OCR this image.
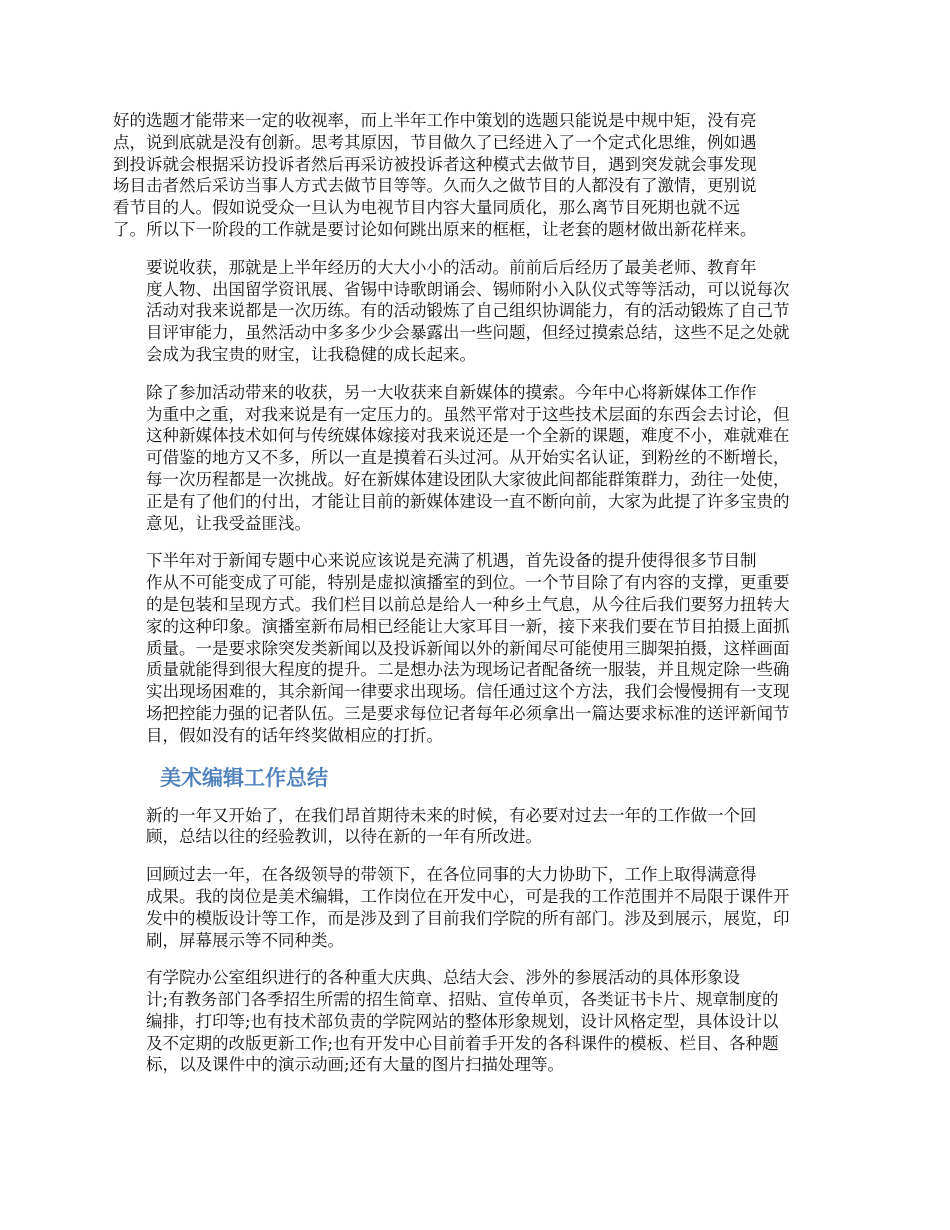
好的选题才能带来一定的收视率，而上半年工作中策划的选题只能说是中规中矩，没有亮
点，说到底就是没有创新。思考其原因，节目做久了已经进入了一个定式化思维，例如遇
到投诉就会根据采访投诉者然后再采访被投诉者这种模式去做节目，遇到突发就会事发现
场目击者然后采访当事人方式去做节目等等。久而久之做节目的人都没有了激情，更别说
看节目的人。假如说受众一旦认为电视节目内容大量同质化，那么离节目死期也就不远
了。所以下一阶段的工作就是要讨论如何跳出原来的框框，让老套的题材做出新花样来。

要说收获，那就是上半年经历的大大小小的活动。前前后后经历了最美老师、教育年
度人物、出国留学资讯展、省锡中诗歌朗诵会、锡师附小入队仪式等等活动，可以说每次
活动对我来说都是一次历练。有的活动锻炼了自己组织协调能力，有的活动锻炼了自己节
目评审能力，虽然活动中多多少少会暴露出一些问题，但经过摸索总结，这些不足之处就
会成为我宝贵的财宝，让我稳健的成长起来。

除了参加活动带来的收获，另一大收获来自新媒体的摸索。今年中心将新媒体工作作
为重中之重，对我来说是有一定压力的。虽然平常对于这些技术层面的东西会去讨论，但
这种新媒体技术如何与传统媒体嫁接对我来说还是一个全新的课题，难度不小，难就难在
可借鉴的地方又不多，所以一直是摸着石头过河。从开始实名认证，到粉丝的不断增长，
每一次历程都是一次挑战。好在新媒体建设团队大家彼此间都能群策群力，劲往一处使，
正是有了他们的付出，才能让目前的新媒体建设一直不断向前，大家为此提了许多宝贵的
意见，让我受益匪浅。

下半年对于新闻专题中心来说应该说是充满了机遇，首先设备的提升使得很多节目制
作从不可能变成了可能，特别是虚拟演播室的到位。一个节目除了有内容的支撑，更重要
的是包装和呈现方式。我们栏目以前总是给人一种乡土气息，从今往后我们要努力扭转大
家的这种印象。演播室新布局相已经能让大家耳目一新，接下来我们要在节目拍摄上面抓
质量。一是要求除突发类新闻以及投诉新闻以外的新闻尽可能使用三脚架拍摄，这样画面
质量就能得到很大程度的提升。二是想办法为现场记者配备统一服装，并且规定除一些确
实出现场困难的，其余新闻一律要求出现场。信任通过这个方法，我们会慢慢拥有一支现
场把控能力强的记者队伍。三是要求每位记者每年必须拿出一篇达要求标准的送评新闻节
目，假如没有的话年终奖做相应的打折。

美术编辑工作总结

新的一年又开始了，在我们昂首期待未来的时候，有必要对过去一年的工作做一个回
顾，总结以往的经验教训，以待在新的一年有所改进。

回顾过去一年，在各级领导的带领下，在各位同事的大力协助下，工作上取得满意得
成果。我的岗位是美术编辑，工作岗位在开发中心，可是我的工作范围并不局限于课件开
发中的模版设计等工作，而是涉及到了目前我们学院的所有部门。涉及到展示，展览，印
刷，屏幕展示等不同种类。

有学院办公室组织进行的各种重大庆典、总结大会、涉外的参展活动的具体形象设
计;有教务部门各季招生所需的招生简章、招贴、宣传单页，各类证书卡片、规章制度的
编排，打印等;也有技术部负责的学院网站的整体形象规划，设计风格定型，具体设计以
及不定期的改版更新工作;也有开发中心目前着手开发的各科课件的模板、栏目、各种题
标，以及课件中的演示动画;还有大量的图片扫描处理等。
